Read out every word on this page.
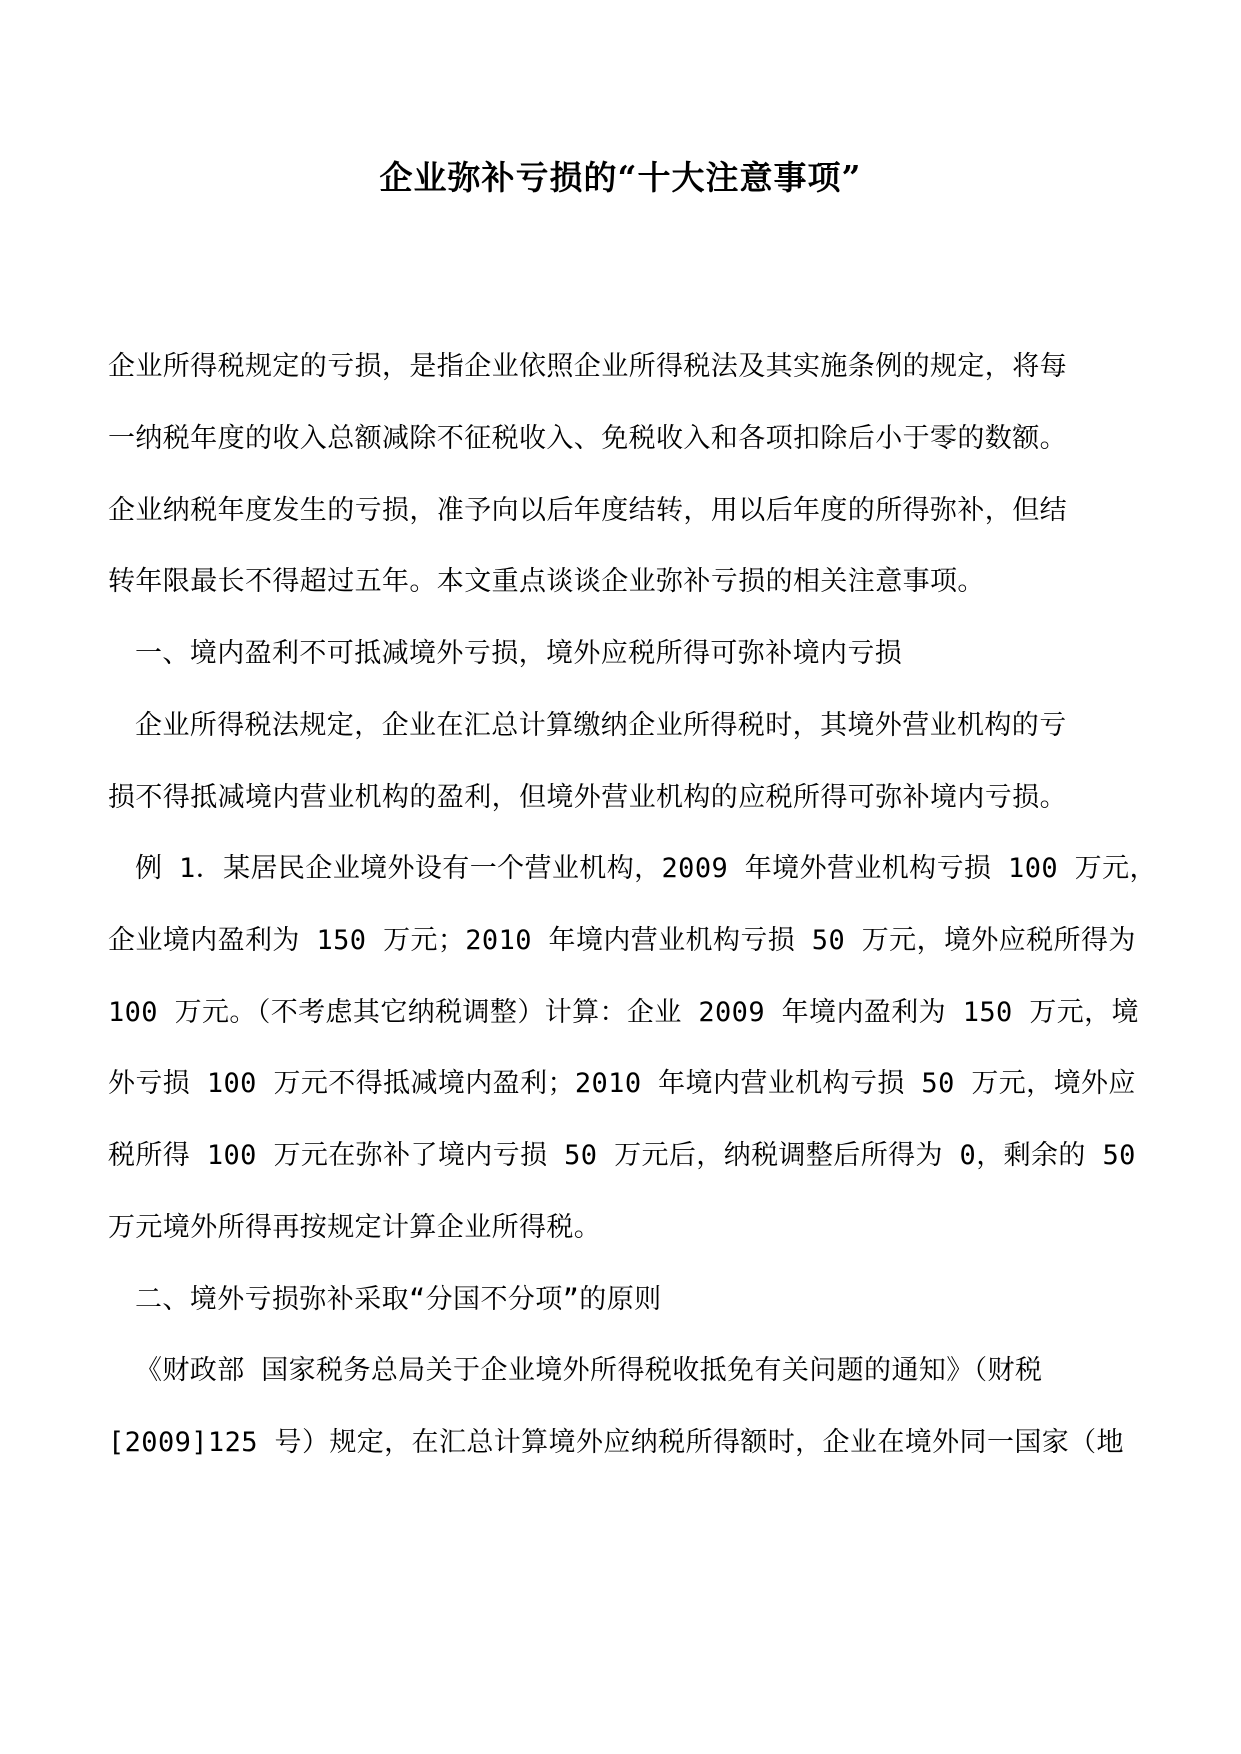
企业弥补亏损的“十大注意事项”
企业所得税规定的亏损，是指企业依照企业所得税法及其实施条例的规定，将每
一纳税年度的收入总额减除不征税收入、免税收入和各项扣除后小于零的数额。
企业纳税年度发生的亏损，准予向以后年度结转，用以后年度的所得弥补，但结
转年限最长不得超过五年。本文重点谈谈企业弥补亏损的相关注意事项。
一、境内盈利不可抵减境外亏损，境外应税所得可弥补境内亏损
企业所得税法规定，企业在汇总计算缴纳企业所得税时，其境外营业机构的亏
损不得抵减境内营业机构的盈利，但境外营业机构的应税所得可弥补境内亏损。
例 1．某居民企业境外设有一个营业机构，2009 年境外营业机构亏损 100 万元，
企业境内盈利为 150 万元；2010 年境内营业机构亏损 50 万元，境外应税所得为
100 万元。（不考虑其它纳税调整）计算：企业 2009 年境内盈利为 150 万元，境
外亏损 100 万元不得抵减境内盈利；2010 年境内营业机构亏损 50 万元，境外应
税所得 100 万元在弥补了境内亏损 50 万元后，纳税调整后所得为 0，剩余的 50
万元境外所得再按规定计算企业所得税。
二、境外亏损弥补采取“分国不分项”的原则
《财政部 国家税务总局关于企业境外所得税收抵免有关问题的通知》（财税
[2009]125 号）规定，在汇总计算境外应纳税所得额时，企业在境外同一国家（地
